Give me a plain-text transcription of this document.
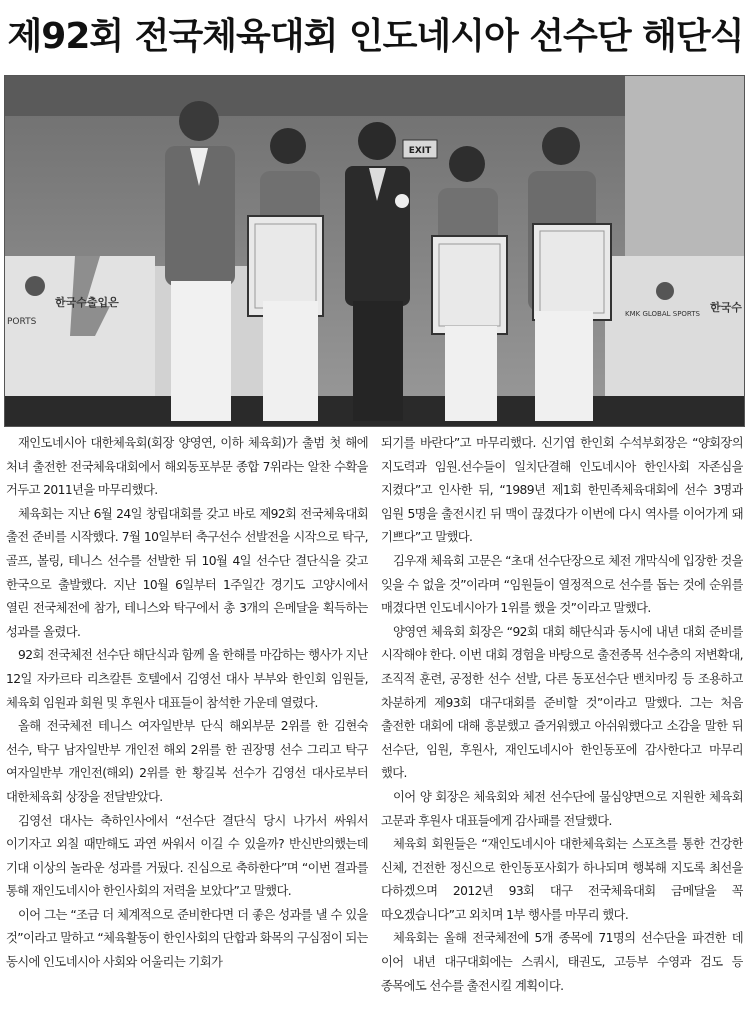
제92회 전국체육대회 인도네시아 선수단 해단식
EXIT
한국수출입은
PORTS
KMK GLOBAL SPORTS 한국수

재인도네시아 대한체육회(회장 양영연, 이하 체육회)가 출범 첫 해에 처녀 출전한 전국체육대회에서 해외동포부문 종합 7위라는 알찬 수확을 거두고 2011년을 마무리했다.

체육회는 지난 6월 24일 창립대회를 갖고 바로 제92회 전국체육대회 출전 준비를 시작했다. 7월 10일부터 축구선수 선발전을 시작으로 탁구, 골프, 볼링, 테니스 선수를 선발한 뒤 10월 4일 선수단 결단식을 갖고 한국으로 출발했다. 지난 10월 6일부터 1주일간 경기도 고양시에서 열린 전국체전에 참가, 테니스와 탁구에서 총 3개의 은메달을 획득하는 성과를 올렸다.

92회 전국체전 선수단 해단식과 함께 올 한해를 마감하는 행사가 지난 12일 자카르타 리츠칼튼 호텔에서 김영선 대사 부부와 한인회 임원들, 체육회 임원과 회원 및 후원사 대표들이 참석한 가운데 열렸다.

올해 전국체전 테니스 여자일반부 단식 해외부문 2위를 한 김현숙 선수, 탁구 남자일반부 개인전 해외 2위를 한 권장명 선수 그리고 탁구 여자일반부 개인전(해외) 2위를 한 황길복 선수가 김영선 대사로부터 대한체육회 상장을 전달받았다.

김영선 대사는 축하인사에서 “선수단 결단식 당시 나가서 싸워서 이기자고 외칠 때만해도 과연 싸워서 이길 수 있을까? 반신반의했는데 기대 이상의 놀라운 성과를 거뒀다. 진심으로 축하한다”며 “이번 결과를 통해 재인도네시아 한인사회의 저력을 보았다”고 말했다.

이어 그는 “조금 더 체계적으로 준비한다면 더 좋은 성과를 낼 수 있을 것”이라고 말하고 “체육활동이 한인사회의 단합과 화목의 구심점이 되는 동시에 인도네시아 사회와 어울리는 기회가

되기를 바란다”고 마무리했다. 신기엽 한인회 수석부회장은 “양회장의 지도력과 임원.선수들이 일치단결해 인도네시아 한인사회 자존심을 지켰다”고 인사한 뒤, “1989년 제1회 한민족체육대회에 선수 3명과 임원 5명을 출전시킨 뒤 맥이 끊겼다가 이번에 다시 역사를 이어가게 돼 기쁘다”고 말했다.

김우재 체육회 고문은 “초대 선수단장으로 체전 개막식에 입장한 것을 잊을 수 없을 것”이라며 “임원들이 열정적으로 선수를 돕는 것에 순위를 매겼다면 인도네시아가 1위를 했을 것”이라고 말했다.

양영연 체육회 회장은 “92회 대회 해단식과 동시에 내년 대회 준비를 시작해야 한다. 이번 대회 경험을 바탕으로 출전종목 선수층의 저변확대, 조직적 훈련, 공정한 선수 선발, 다른 동포선수단 밴치마킹 등 조용하고 차분하게 제93회 대구대회를 준비할 것”이라고 말했다. 그는 처음 출전한 대회에 대해 흥분했고 즐거워했고 아쉬워했다고 소감을 말한 뒤 선수단, 임원, 후원사, 재인도네시아 한인동포에 감사한다고 마무리 했다.

이어 양 회장은 체육회와 체전 선수단에 물심양면으로 지원한 체육회 고문과 후원사 대표들에게 감사패를 전달했다.

체육회 회원들은 “재인도네시아 대한체육회는 스포츠를 통한 건강한 신체, 건전한 정신으로 한인동포사회가 하나되며 행복해 지도록 최선을 다하겠으며 2012년 93회 대구 전국체육대회 금메달을 꼭 따오겠습니다”고 외치며 1부 행사를 마무리 했다.

체육회는 올해 전국체전에 5개 종목에 71명의 선수단을 파견한 데 이어 내년 대구대회에는 스쿼시, 태권도, 고등부 수영과 검도 등 종목에도 선수를 출전시킬 계획이다.
